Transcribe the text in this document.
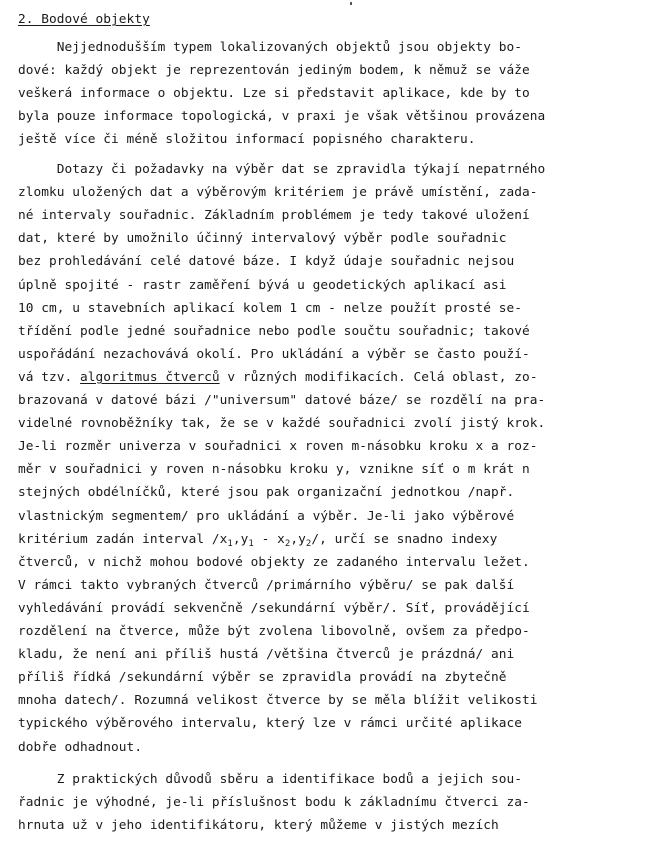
2. Bodové objekty
Nejjednodušším typem lokalizovaných objektů jsou objekty bo-
dové: každý objekt je reprezentován jediným bodem, k němuž se váže
veškerá informace o objektu. Lze si představit aplikace, kde by to
byla pouze informace topologická, v praxi je však většinou provázena
ještě více či méně složitou informací popisného charakteru.
Dotazy či požadavky na výběr dat se zpravidla týkají nepatrného
zlomku uložených dat a výběrovým kritériem je právě umístění, zada-
né intervaly souřadnic. Základním problémem je tedy takové uložení
dat, které by umožnilo účinný intervalový výběr podle souřadnic
bez prohledávání celé datové báze. I když údaje souřadnic nejsou
úplně spojité - rastr zaměření bývá u geodetických aplikací asi
10 cm, u stavebních aplikací kolem 1 cm - nelze použít prosté se-
třídění podle jedné souřadnice nebo podle součtu souřadnic; takové
uspořádání nezachovává okolí. Pro ukládání a výběr se často použí-
vá tzv. algoritmus čtverců v různých modifikacích. Celá oblast, zo-
brazovaná v datové bázi /"universum" datové báze/ se rozdělí na pra-
videlné rovnoběžníky tak, že se v každé souřadnici zvolí jistý krok.
Je-li rozměr univerza v souřadnici x roven m-násobku kroku x a roz-
měr v souřadnici y roven n-násobku kroku y, vznikne síť o m krát n
stejných obdélníčků, které jsou pak organizační jednotkou /např.
vlastnickým segmentem/ pro ukládání a výběr. Je-li jako výběrové
kritérium zadán interval $/x_1,y_1 - x_2,y_2/$, určí se snadno indexy
čtverců, v nichž mohou bodové objekty ze zadaného intervalu ležet.
V rámci takto vybraných čtverců /primárního výběru/ se pak další
vyhledávání provádí sekvenčně /sekundární výběr/. Síť, provádějící
rozdělení na čtverce, může být zvolena libovolně, ovšem za předpo-
kladu, že není ani příliš hustá /většina čtverců je prázdná/ ani
příliš řídká /sekundární výběr se zpravidla provádí na zbytečně
mnoha datech/. Rozumná velikost čtverce by se měla blížit velikosti
typického výběrového intervalu, který lze v rámci určité aplikace
dobře odhadnout.
Z praktických důvodů sběru a identifikace bodů a jejich sou-
řadnic je výhodné, je-li příslušnost bodu k základnímu čtverci za-
hrnuta už v jeho identifikátoru, který můžeme v jistých mezích
